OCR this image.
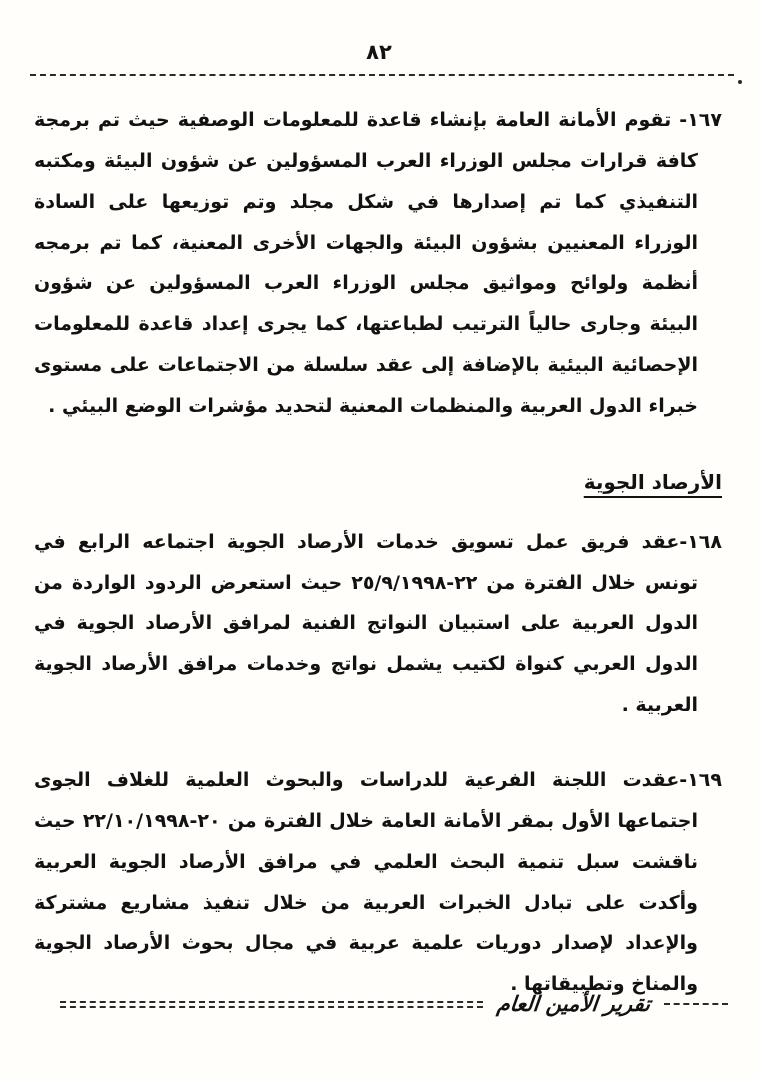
٨٢

١٦٧- تقوم الأمانة العامة بإنشاء قاعدة للمعلومات الوصفية حيث تم برمجة كافة قرارات مجلس الوزراء العرب المسؤولين عن شؤون البيئة ومكتبه التنفيذي كما تم إصدارها في شكل مجلد وتم توزيعها على السادة الوزراء المعنيين بشؤون البيئة والجهات الأخرى المعنية، كما تم برمجه أنظمة ولوائح ومواثيق مجلس الوزراء العرب المسؤولين عن شؤون البيئة وجارى حالياً الترتيب لطباعتها، كما يجرى إعداد قاعدة للمعلومات الإحصائية البيئية بالإضافة إلى عقد سلسلة من الاجتماعات على مستوى خبراء الدول العربية والمنظمات المعنية لتحديد مؤشرات الوضع البيئي .

الأرصاد الجوية

١٦٨-عقد فريق عمل تسويق خدمات الأرصاد الجوية اجتماعه الرابع في تونس خلال الفترة من ٢٢-٢٥/٩/١٩٩٨ حيث استعرض الردود الواردة من الدول العربية على استبيان النواتج الفنية لمرافق الأرصاد الجوية في الدول العربي كنواة لكتيب يشمل نواتج وخدمات مرافق الأرصاد الجوية العربية .

١٦٩-عقدت اللجنة الفرعية للدراسات والبحوث العلمية للغلاف الجوى اجتماعها الأول بمقر الأمانة العامة خلال الفترة من ٢٠-٢٢/١٠/١٩٩٨ حيث ناقشت سبل تنمية البحث العلمي في مرافق الأرصاد الجوية العربية وأكدت على تبادل الخبرات العربية من خلال تنفيذ مشاريع مشتركة والإعداد لإصدار دوريات علمية عربية في مجال بحوث الأرصاد الجوية والمناخ وتطبيقاتها .

تقرير الأمين العام
